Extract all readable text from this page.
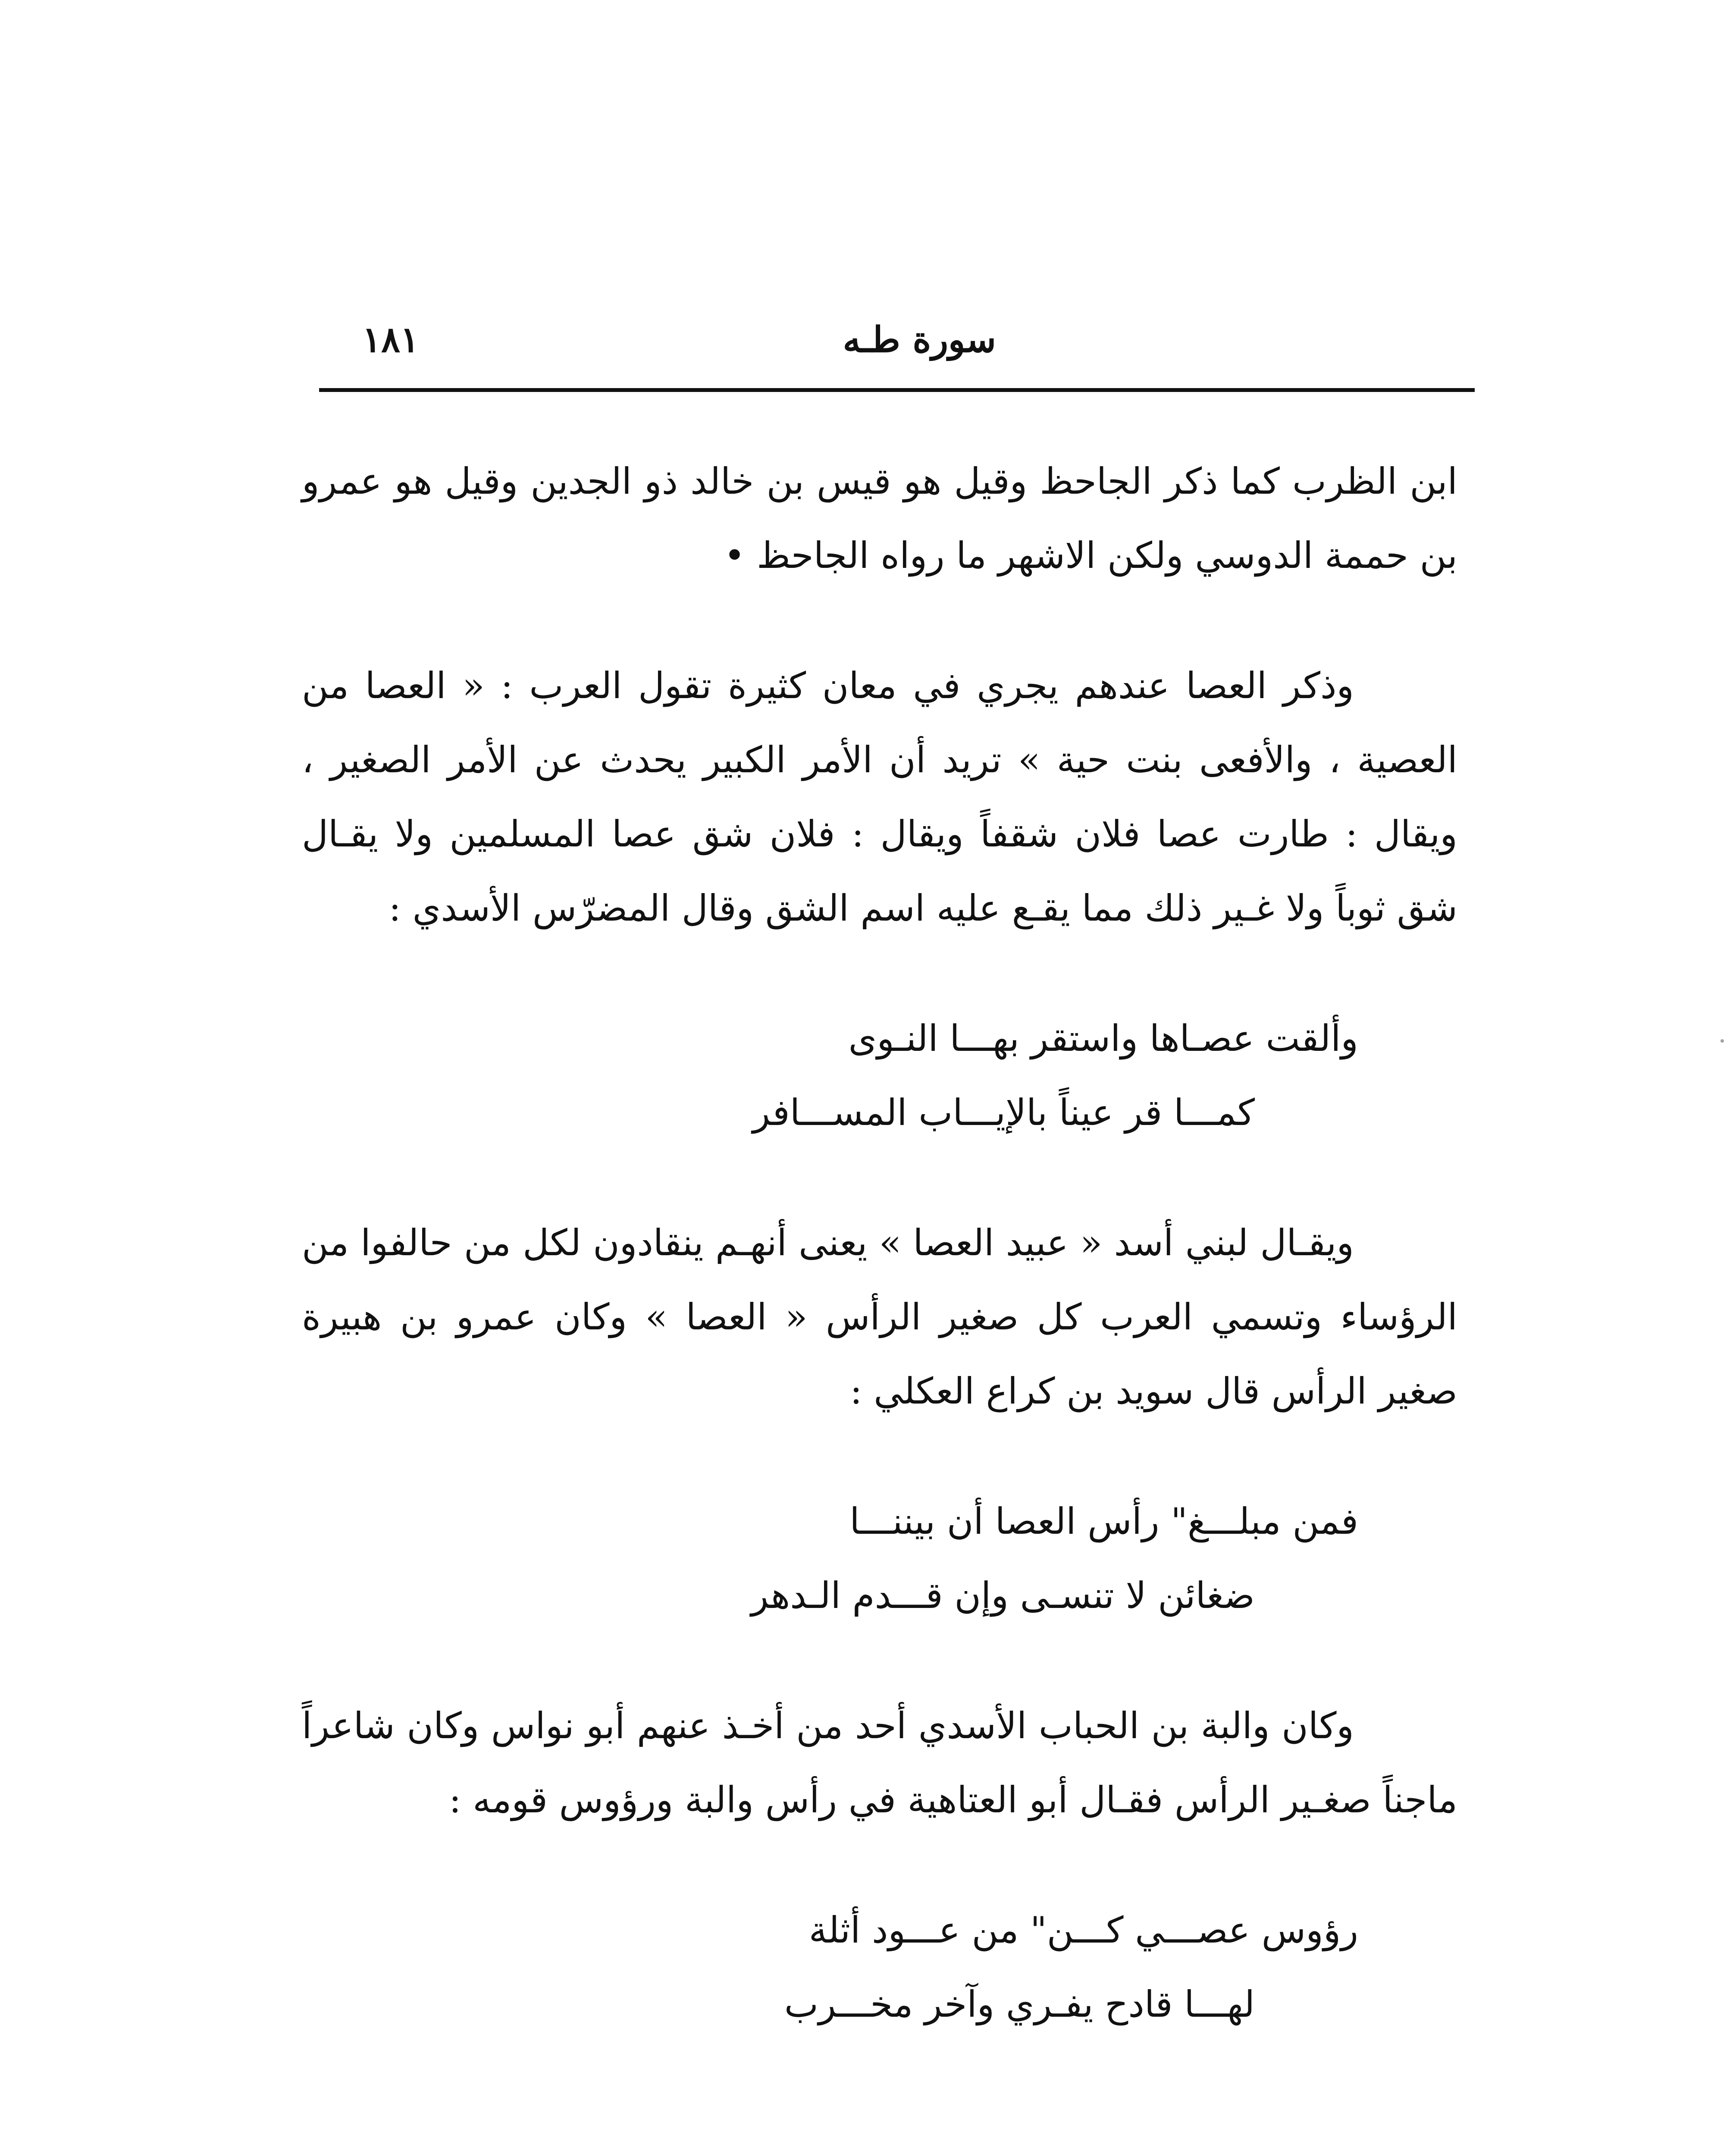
١٨١	سورة طـه

ابن الظرب كما ذكر الجاحظ وقيل هو قيس بن خالد ذو الجدين وقيل هو عمرو بن حممة الدوسي ولكن الاشهر ما رواه الجاحظ •

وذكر العصا عندهم يجري في معان كثيرة تقول العرب : « العصا من العصية ، والأفعى بنت حية » تريد أن الأمر الكبير يحدث عن الأمر الصغير ، ويقال : طارت عصا فلان شقفاً ويقال : فلان شق عصا المسلمين ولا يقـال شق ثوباً ولا غـير ذلك مما يقـع عليه اسم الشق وقال المضرّس الأسدي :

وألقت عصـاها واستقر بهـــا النـوى
كمـــا قر عيناً بالإيـــاب المســـافر

ويقـال لبني أسد « عبيد العصا » يعنى أنهـم ينقادون لكل من حالفوا من الرؤساء وتسمي العرب كل صغير الرأس « العصا » وكان عمرو بن هبيرة صغير الرأس قال سويد بن كراع العكلي :

فمن مبلـــغ" رأس العصا أن بيننـــا
ضغائن لا تنسـى وإن قـــدم الـدهر

وكان والبة بن الحباب الأسدي أحد من أخـذ عنهم أبو نواس وكان شاعراً ماجناً صغـير الرأس فقـال أبو العتاهية في رأس والبة ورؤوس قومه :

رؤوس عصـــي كـــن" من عـــود أثلة
لهـــا قادح يفـري وآخر مخـــرب
